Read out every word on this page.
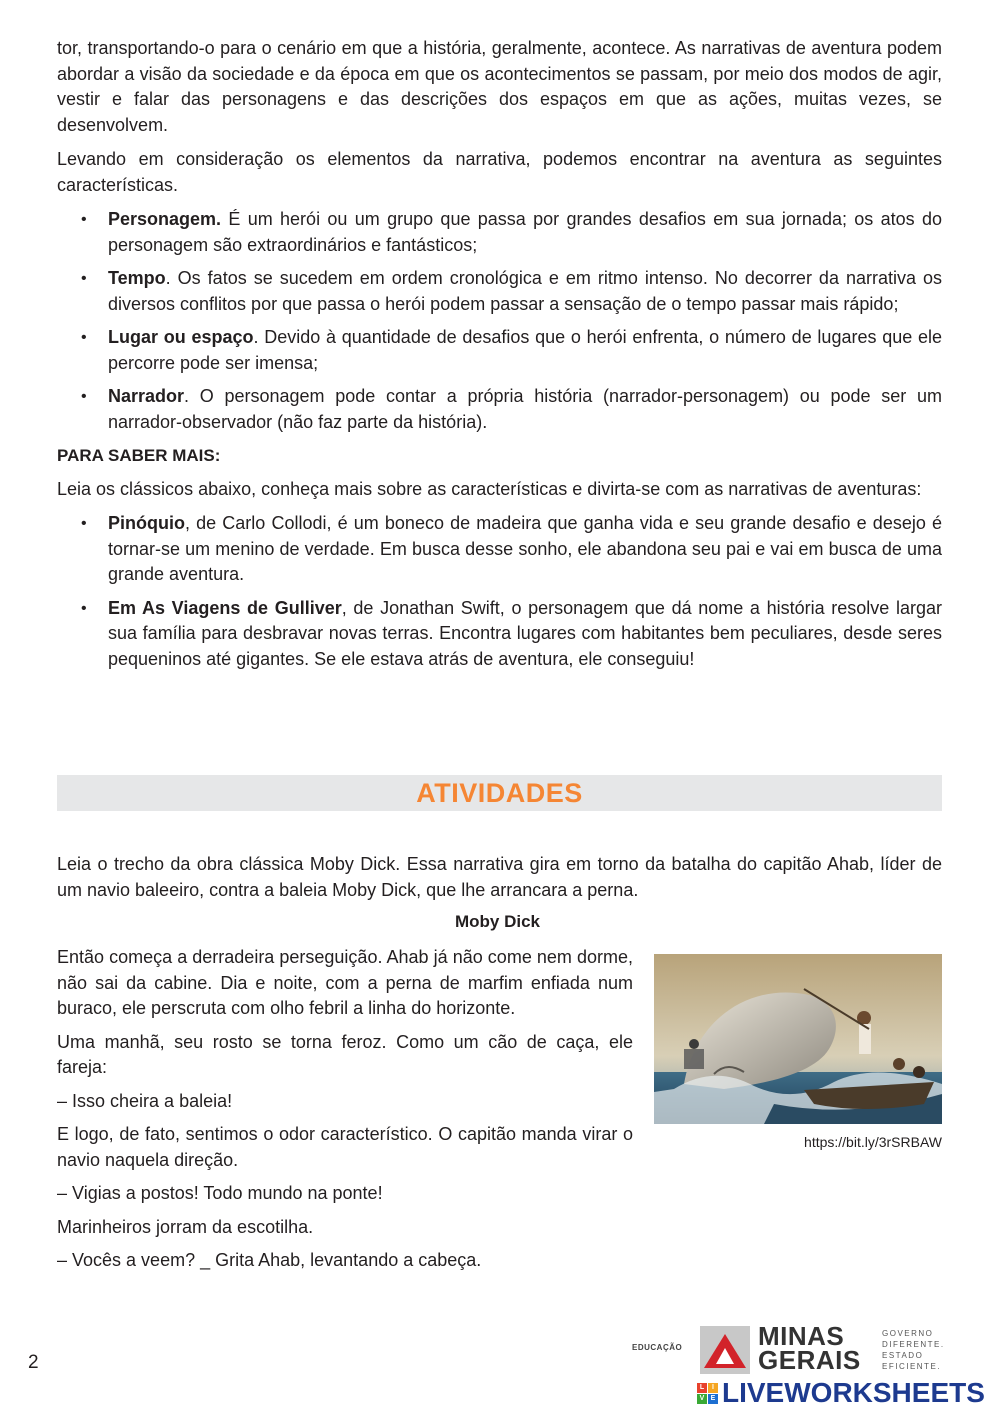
tor, transportando-o para o cenário em que a história, geralmente, acontece. As narrativas de aventura podem abordar a visão da sociedade e da época em que os acontecimentos se passam, por meio dos modos de agir, vestir e falar das personagens e das descrições dos espaços em que as ações, muitas vezes, se desenvolvem.

Levando em consideração os elementos da narrativa, podemos encontrar na aventura as seguintes características.

• Personagem. É um herói ou um grupo que passa por grandes desafios em sua jornada; os atos do personagem são extraordinários e fantásticos;
• Tempo. Os fatos se sucedem em ordem cronológica e em ritmo intenso. No decorrer da narrativa os diversos conflitos por que passa o herói podem passar a sensação de o tempo passar mais rápido;
• Lugar ou espaço. Devido à quantidade de desafios que o herói enfrenta, o número de lugares que ele percorre pode ser imensa;
• Narrador. O personagem pode contar a própria história (narrador-personagem) ou pode ser um narrador-observador (não faz parte da história).
PARA SABER MAIS:

Leia os clássicos abaixo, conheça mais sobre as características e divirta-se com as narrativas de aventuras:

• Pinóquio, de Carlo Collodi, é um boneco de madeira que ganha vida e seu grande desafio e desejo é tornar-se um menino de verdade. Em busca desse sonho, ele abandona seu pai e vai em busca de uma grande aventura.
• Em As Viagens de Gulliver, de Jonathan Swift, o personagem que dá nome a história resolve largar sua família para desbravar novas terras. Encontra lugares com habitantes bem peculiares, desde seres pequeninos até gigantes. Se ele estava atrás de aventura, ele conseguiu!
ATIVIDADES

Leia o trecho da obra clássica Moby Dick. Essa narrativa gira em torno da batalha do capitão Ahab, líder de um navio baleeiro, contra a baleia Moby Dick, que lhe arrancara a perna.

Moby Dick

Então começa a derradeira perseguição. Ahab já não come nem dorme, não sai da cabine. Dia e noite, com a perna de marfim enfiada num buraco, ele perscruta com olho febril a linha do horizonte.

Uma manhã, seu rosto se torna feroz. Como um cão de caça, ele fareja:

– Isso cheira a baleia!

E logo, de fato, sentimos o odor característico. O capitão manda virar o navio naquela direção.

– Vigias a postos! Todo mundo na ponte!

Marinheiros jorram da escotilha.

– Vocês a veem? _ Grita Ahab, levantando a cabeça.

https://bit.ly/3rSRBAW
2
EDUCAÇÃO	MINAS
GERAIS
GOVERNO
DIFERENTE.
ESTADO
EFICIENTE.
L	I
V E LIVEWORKSHEETS
